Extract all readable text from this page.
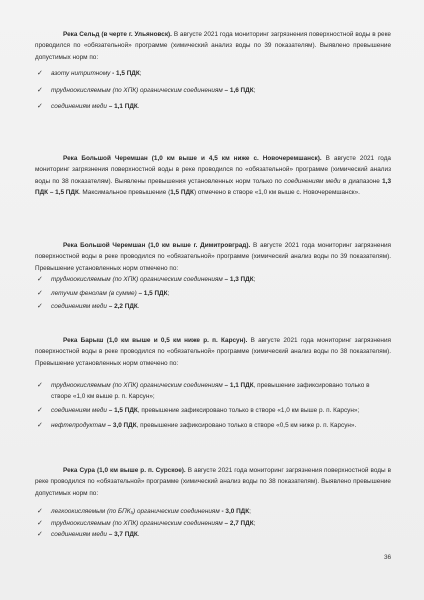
Река Сельд (в черте г. Ульяновск). В августе 2021 года мониторинг загрязнения поверхностной воды в реке проводился по «обязательной» программе (химический анализ воды по 39 показателям). Выявлено превышение допустимых норм по:

✓	азоту нитритному - 1,5 ПДК;
✓	трудноокисляемым (по ХПК) органическим соединениям – 1,6 ПДК;
✓	соединениям меди – 1,1 ПДК.

Река Большой Черемшан (1,0 км выше и 4,5 км ниже с. Новочеремшанск). В августе 2021 года мониторинг загрязнения поверхностной воды в реке проводился по «обязательной» программе (химический анализ воды по 38 показателям). Выявлены превышения установленных норм только по соединениям меди в диапазоне 1,3 ПДК – 1,5 ПДК. Максимальное превышение (1,5 ПДК) отмечено в створе «1,0 км выше с. Новочеремшанск».

Река Большой Черемшан (1,0 км выше г. Димитровград). В августе 2021 года мониторинг загрязнения поверхностной воды в реке проводился по «обязательной» программе (химический анализ воды по 39 показателям). Превышение установленных норм отмечено по:

✓	трудноокисляемым (по ХПК) органическим соединениям – 1,3 ПДК;
✓	летучим фенолам (в сумме) – 1,5 ПДК;
✓	соединениям меди – 2,2 ПДК.

Река Барыш (1,0 км выше и 0,5 км ниже р. п. Карсун). В августе 2021 года мониторинг загрязнения поверхностной воды в реке проводился по «обязательной» программе (химический анализ воды по 38 показателям). Превышение установленных норм отмечено по:

✓	трудноокисляемым (по ХПК) органическим соединениям – 1,1 ПДК, превышение зафиксировано только в створе «1,0 км выше р. п. Карсун»;
✓	соединениям меди – 1,5 ПДК, превышение зафиксировано только в створе «1,0 км выше р. п. Карсун»;
✓	нефтепродуктам – 3,0 ПДК, превышение зафиксировано только в створе «0,5 км ниже р. п. Карсун».

Река Сура (1,0 км выше р. п. Сурское). В августе 2021 года мониторинг загрязнения поверхностной воды в реке проводился по «обязательной» программе (химический анализ воды по 38 показателям). Выявлено превышение допустимых норм по:

✓	легкоокисляемым (по БПК₅) органическим соединениям - 3,0 ПДК;
✓	трудноокисляемым (по ХПК) органическим соединениям – 2,7 ПДК;
✓	соединениям меди – 3,7 ПДК.
36
